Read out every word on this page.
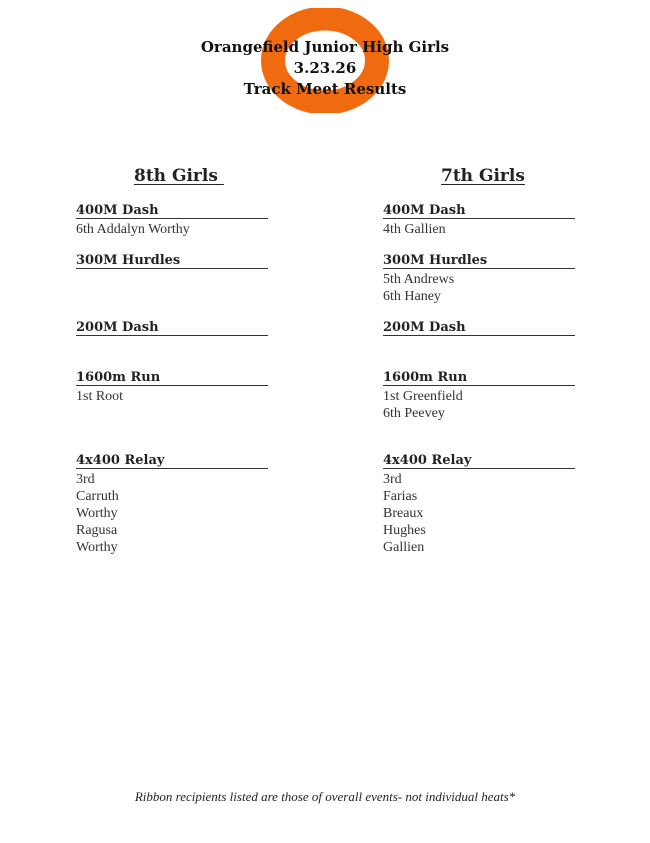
Orangefield Junior High Girls
3.23.26
Track Meet Results
8th Girls	7th Girls
400M Dash
6th Addalyn Worthy
300M Hurdles
200M Dash
1600m Run
1st Root
4x400 Relay
3rd
Carruth
Worthy
Ragusa
Worthy
400M Dash
4th Gallien
300M Hurdles
5th Andrews
6th Haney
200M Dash
1600m Run
1st Greenfield
6th Peevey
4x400 Relay
3rd
Farias
Breaux
Hughes
Gallien
Ribbon recipients listed are those of overall events- not individual heats*
